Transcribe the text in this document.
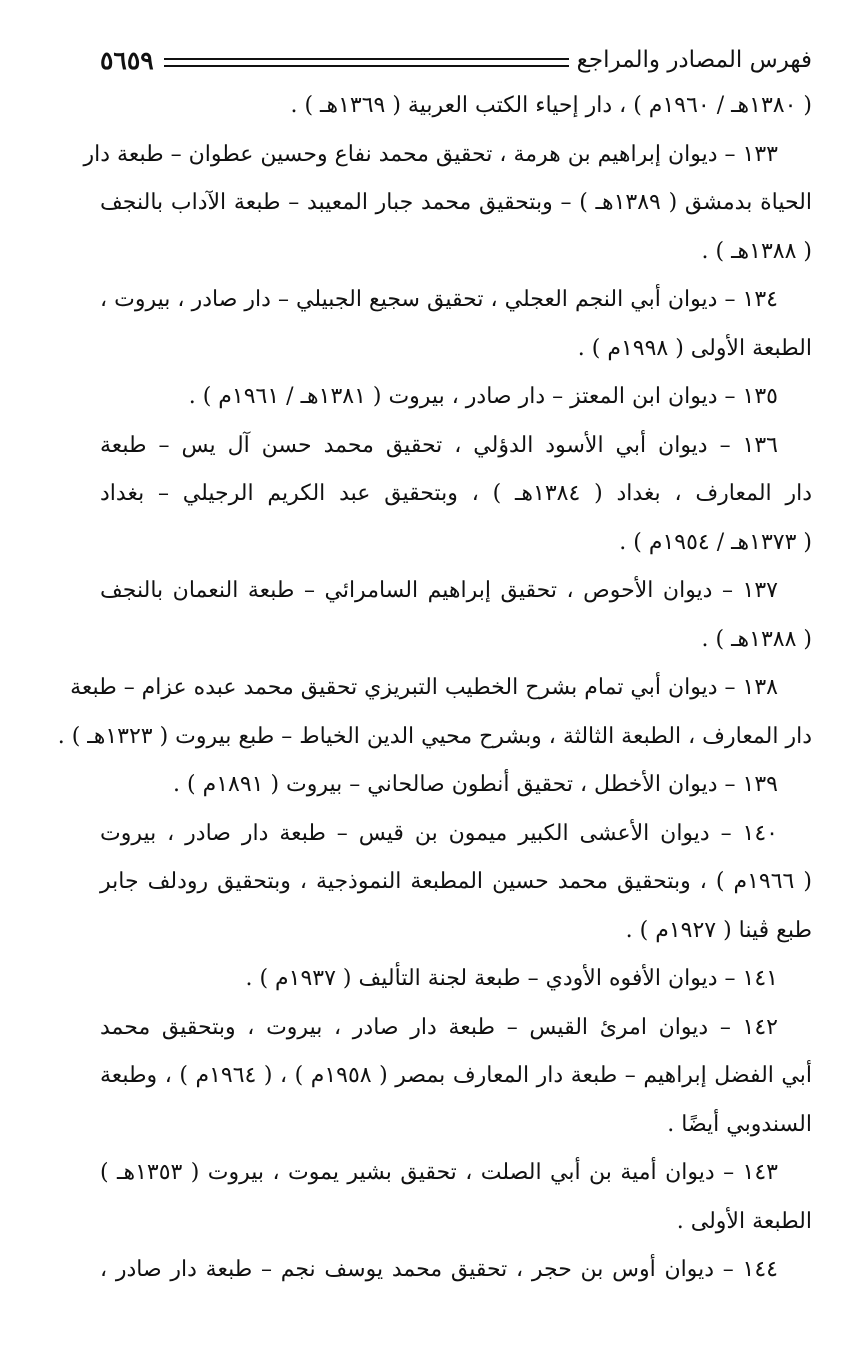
فهرس المصادر والمراجع
٥٦٥٩
( ١٣٨٠هـ / ١٩٦٠م ) ، دار إحياء الكتب العربية ( ١٣٦٩هـ ) .
١٣٣ – ديوان إبراهيم بن هرمة ، تحقيق محمد نفاع وحسين عطوان – طبعة دار
الحياة بدمشق ( ١٣٨٩هـ ) – وبتحقيق محمد جبار المعيبد – طبعة الآداب بالنجف
( ١٣٨٨هـ ) .
١٣٤ – ديوان أبي النجم العجلي ، تحقيق سجيع الجبيلي – دار صادر ، بيروت ،
الطبعة الأولى ( ١٩٩٨م ) .
١٣٥ – ديوان ابن المعتز – دار صادر ، بيروت ( ١٣٨١هـ / ١٩٦١م ) .
١٣٦ – ديوان أبي الأسود الدؤلي ، تحقيق محمد حسن آل يس – طبعة
دار المعارف ، بغداد ( ١٣٨٤هـ ) ، وبتحقيق عبد الكريم الرجيلي – بغداد
( ١٣٧٣هـ / ١٩٥٤م ) .
١٣٧ – ديوان الأحوص ، تحقيق إبراهيم السامرائي – طبعة النعمان بالنجف
( ١٣٨٨هـ ) .
١٣٨ – ديوان أبي تمام بشرح الخطيب التبريزي تحقيق محمد عبده عزام – طبعة
دار المعارف ، الطبعة الثالثة ، وبشرح محيي الدين الخياط – طبع بيروت ( ١٣٢٣هـ ) .
١٣٩ – ديوان الأخطل ، تحقيق أنطون صالحاني – بيروت ( ١٨٩١م ) .
١٤٠ – ديوان الأعشى الكبير ميمون بن قيس – طبعة دار صادر ، بيروت
( ١٩٦٦م ) ، وبتحقيق محمد حسين المطبعة النموذجية ، وبتحقيق رودلف جابر
طبع ڤينا ( ١٩٢٧م ) .
١٤١ – ديوان الأفوه الأودي – طبعة لجنة التأليف ( ١٩٣٧م ) .
١٤٢ – ديوان امرئ القيس – طبعة دار صادر ، بيروت ، وبتحقيق محمد
أبي الفضل إبراهيم – طبعة دار المعارف بمصر ( ١٩٥٨م ) ، ( ١٩٦٤م ) ، وطبعة
السندوبي أيضًا .
١٤٣ – ديوان أمية بن أبي الصلت ، تحقيق بشير يموت ، بيروت ( ١٣٥٣هـ )
الطبعة الأولى .
١٤٤ – ديوان أوس بن حجر ، تحقيق محمد يوسف نجم – طبعة دار صادر ،
